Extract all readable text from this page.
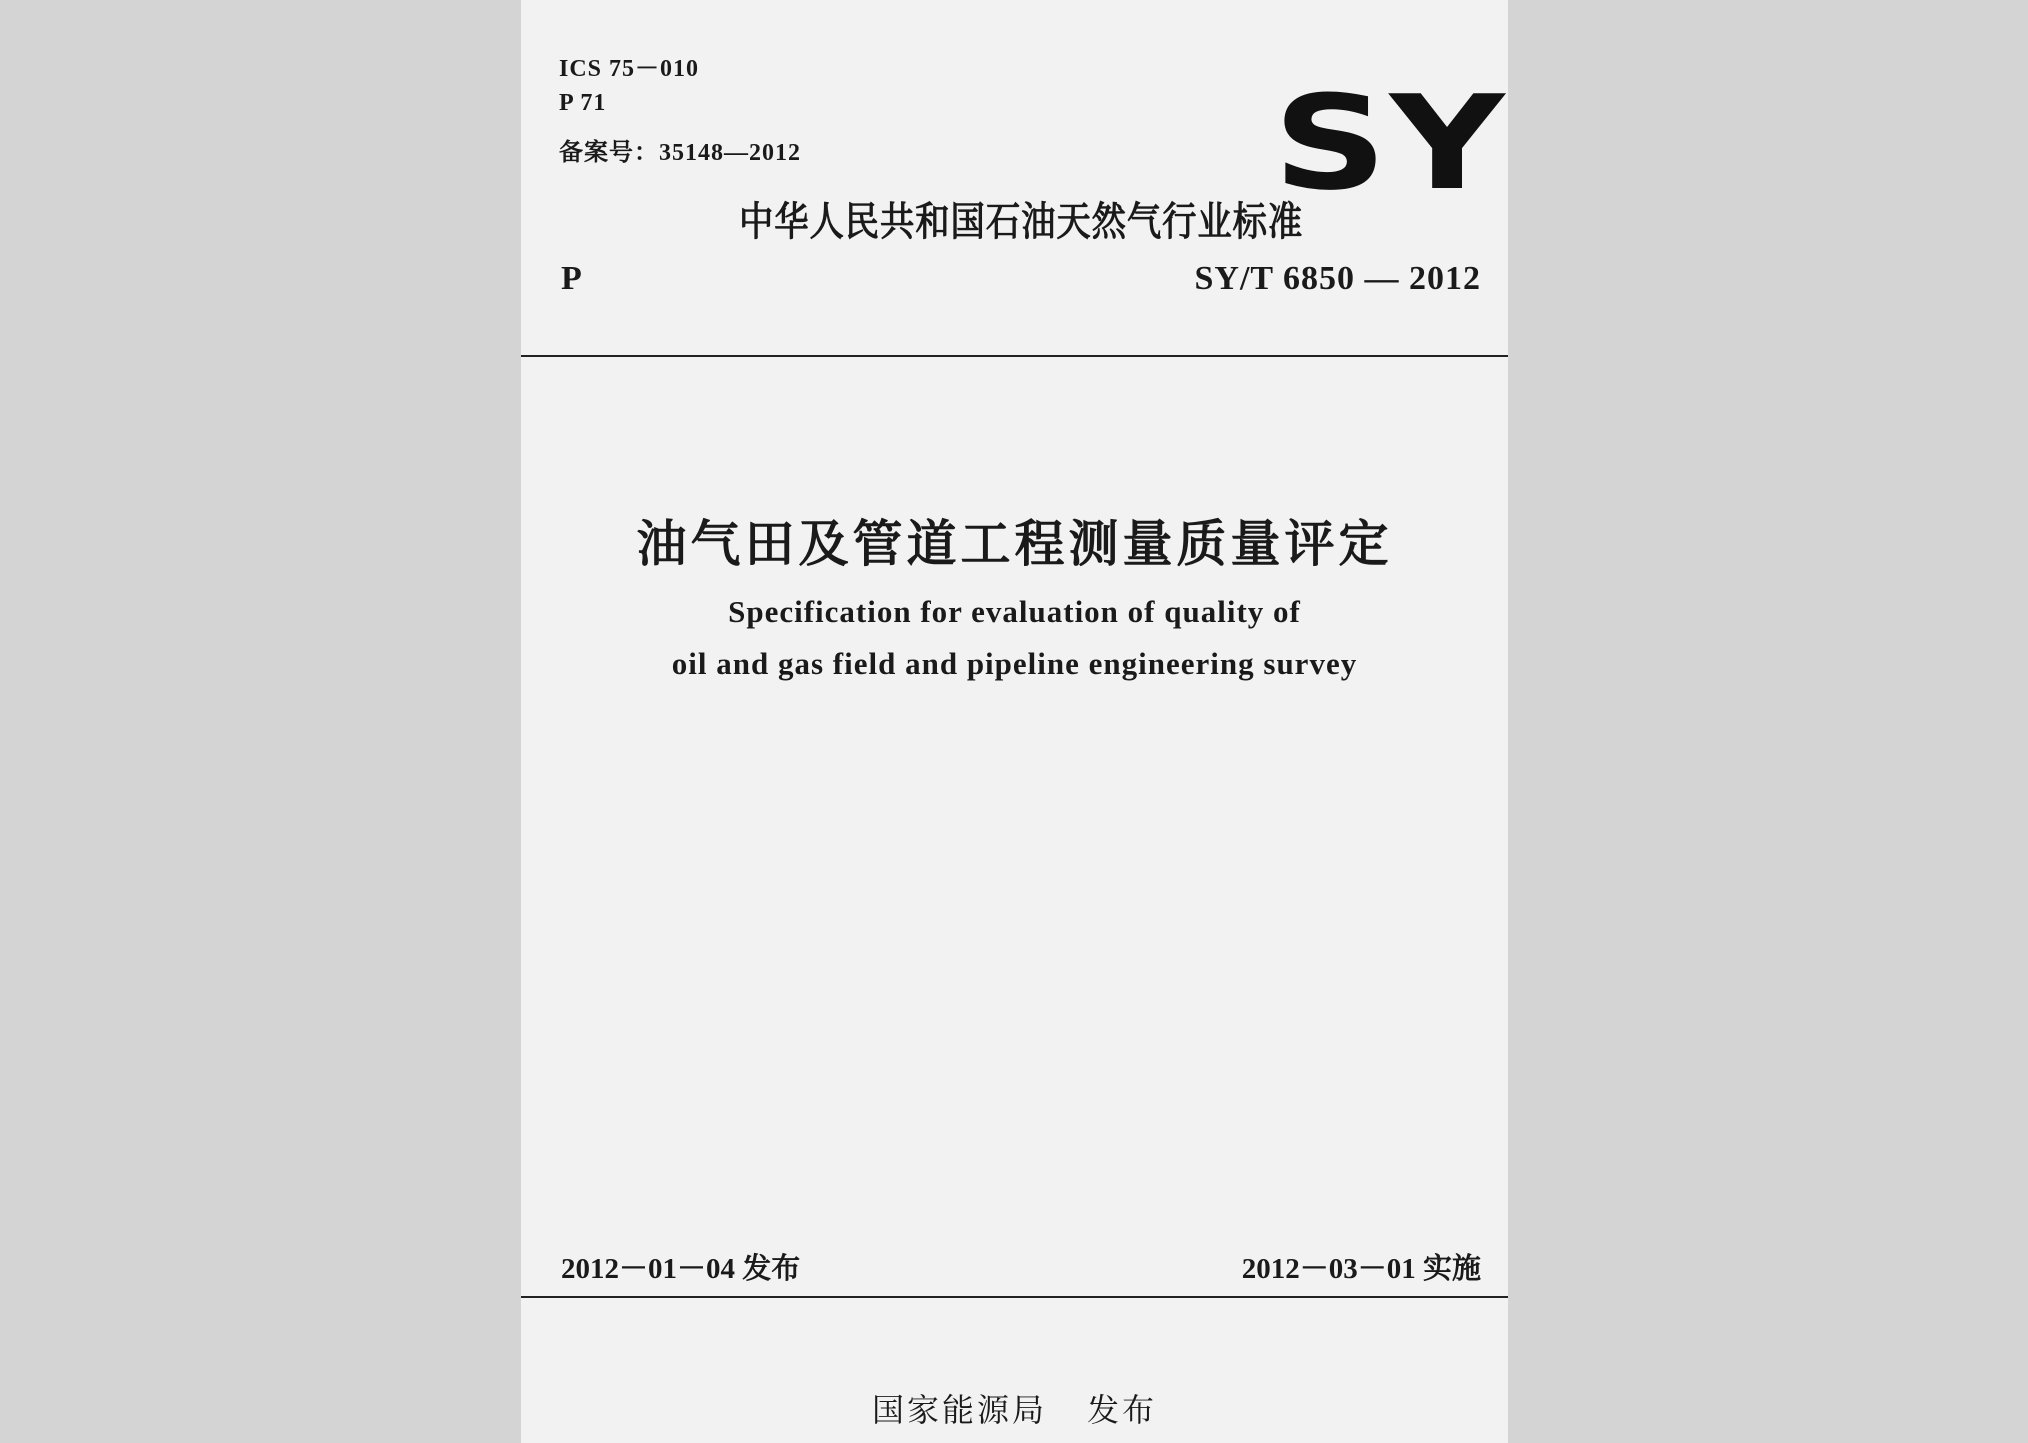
ICS 75－010
P 71
备案号：35148—2012	SY
中华人民共和国石油天然气行业标准
P	SY/T 6850 — 2012
油气田及管道工程测量质量评定
Specification for evaluation of quality of
oil and gas field and pipeline engineering survey
2012－01－04 发布	2012－03－01 实施
国家能源局 发布
